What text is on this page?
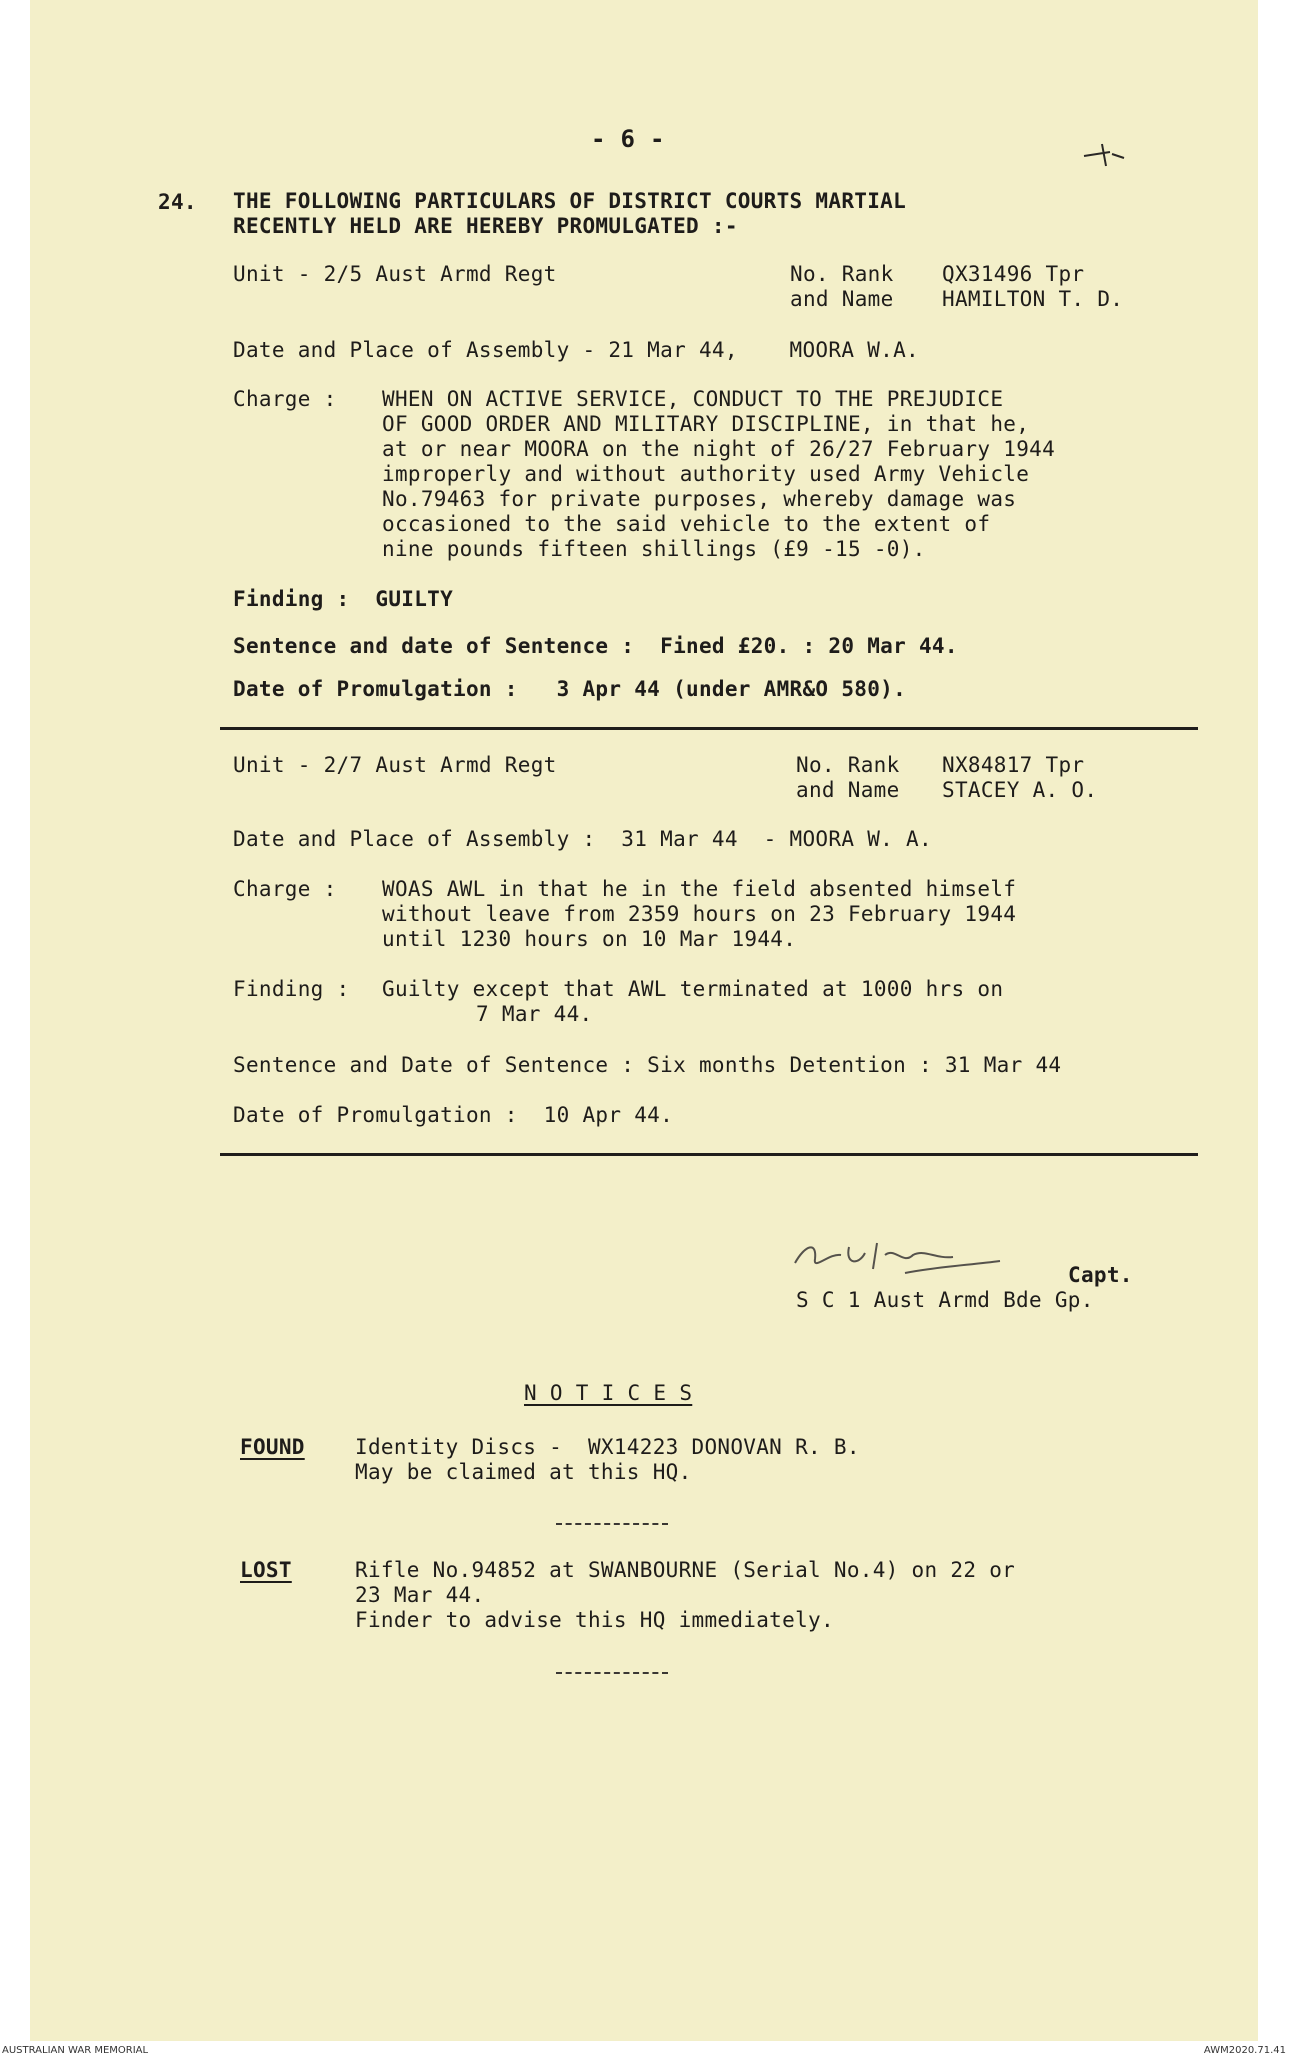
- 6 -
24. THE FOLLOWING PARTICULARS OF DISTRICT COURTS MARTIAL
RECENTLY HELD ARE HEREBY PROMULGATED :-
Unit - 2/5 Aust Armd Regt	No. Rank QX31496 Tpr
and Name HAMILTON T. D.
Date and Place of Assembly - 21 Mar 44,    MOORA W.A.
Charge : WHEN ON ACTIVE SERVICE, CONDUCT TO THE PREJUDICE
OF GOOD ORDER AND MILITARY DISCIPLINE, in that he,
at or near MOORA on the night of 26/27 February 1944
improperly and without authority used Army Vehicle
No.79463 for private purposes, whereby damage was
occasioned to the said vehicle to the extent of
nine pounds fifteen shillings (£9 -15 -0).
Finding :  GUILTY
Sentence and date of Sentence :  Fined £20. : 20 Mar 44.
Date of Promulgation :   3 Apr 44 (under AMR&O 580).
Unit - 2/7 Aust Armd Regt	No. Rank NX84817 Tpr
and Name STACEY A. O.
Date and Place of Assembly :  31 Mar 44  - MOORA W. A.
Charge : WOAS AWL in that he in the field absented himself
without leave from 2359 hours on 23 February 1944
until 1230 hours on 10 Mar 1944.
Finding : Guilty except that AWL terminated at 1000 hrs on
7 Mar 44.
Sentence and Date of Sentence : Six months Detention : 31 Mar 44
Date of Promulgation :  10 Apr 44.
Capt.
S C 1 Aust Armd Bde Gp.
N O T I C E S
FOUND Identity Discs -  WX14223 DONOVAN R. B.
May be claimed at this HQ.
LOST	Rifle No.94852 at SWANBOURNE (Serial No.4) on 22 or
23 Mar 44.
Finder to advise this HQ immediately.
AUSTRALIAN WAR MEMORIAL	AWM2020.71.41
